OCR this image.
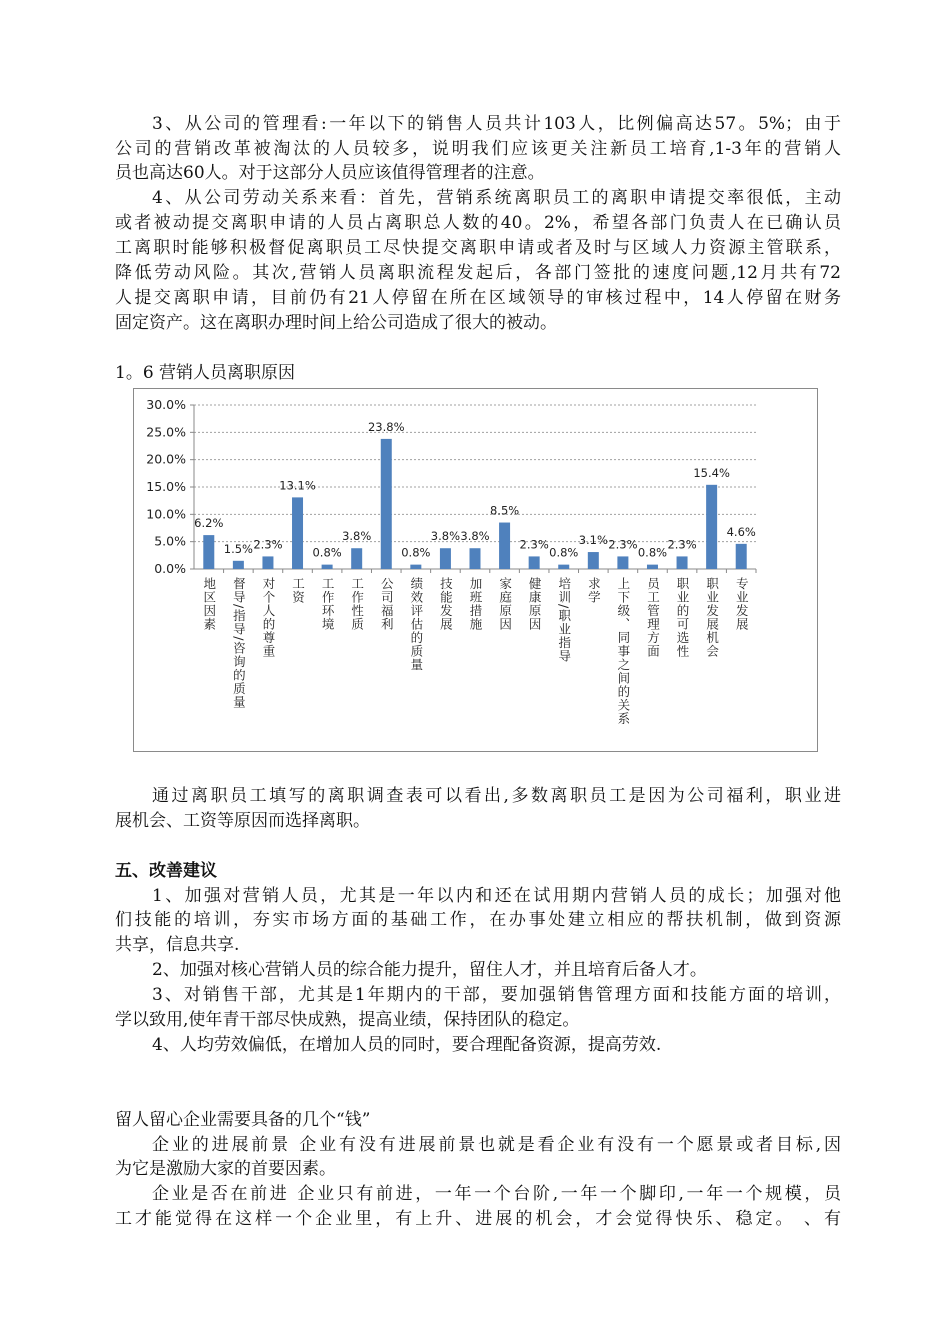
3、从公司的管理看:一年以下的销售人员共计103人，比例偏高达57。5%；由于
公司的营销改革被淘汰的人员较多，说明我们应该更关注新员工培育,1-3年的营销人
员也高达60人。对于这部分人员应该值得管理者的注意。
4、从公司劳动关系来看：首先，营销系统离职员工的离职申请提交率很低，主动
或者被动提交离职申请的人员占离职总人数的40。2%，希望各部门负责人在已确认员
工离职时能够积极督促离职员工尽快提交离职申请或者及时与区域人力资源主管联系，
降低劳动风险。其次,营销人员离职流程发起后，各部门签批的速度问题,12月共有72
人提交离职申请，目前仍有21人停留在所在区域领导的审核过程中，14人停留在财务
固定资产。这在离职办理时间上给公司造成了很大的被动。
1。6 营销人员离职原因
0.0%
5.0%
10.0%
15.0%
20.0%
25.0%
30.0%
6.2%
1.5% 2.3%
13.1%
0.8%
3.8%
23.8%
0.8%
3.8% 3.8%
8.5%
2.3%
0.8%
3.1% 2.3%
0.8%
2.3%
15.4%
4.6%
地区因素 督导/指导/咨询的质量 对个人的尊重 工资 工作环境 工作性质 公司福利 绩效评估的质量 技能发展 加班措施 家庭原因 健康原因 培训/职业指导 求学 上下级、同事之间的关系 员工管理方面 职业的可选性 职业发展机会 专业发展
通过离职员工填写的离职调查表可以看出,多数离职员工是因为公司福利，职业进
展机会、工资等原因而选择离职。
五、改善建议
1、加强对营销人员，尤其是一年以内和还在试用期内营销人员的成长；加强对他
们技能的培训，夯实市场方面的基础工作，在办事处建立相应的帮扶机制，做到资源
共享，信息共享.
2、加强对核心营销人员的综合能力提升，留住人才，并且培育后备人才。
3、对销售干部，尤其是1年期内的干部，要加强销售管理方面和技能方面的培训，
学以致用,使年青干部尽快成熟，提高业绩，保持团队的稳定。
4、人均劳效偏低，在增加人员的同时，要合理配备资源，提高劳效.
留人留心企业需要具备的几个“钱”
企业的进展前景 企业有没有进展前景也就是看企业有没有一个愿景或者目标,因
为它是激励大家的首要因素。
企业是否在前进 企业只有前进，一年一个台阶,一年一个脚印,一年一个规模，员
工才能觉得在这样一个企业里，有上升、进展的机会，才会觉得快乐、稳定。 、有
